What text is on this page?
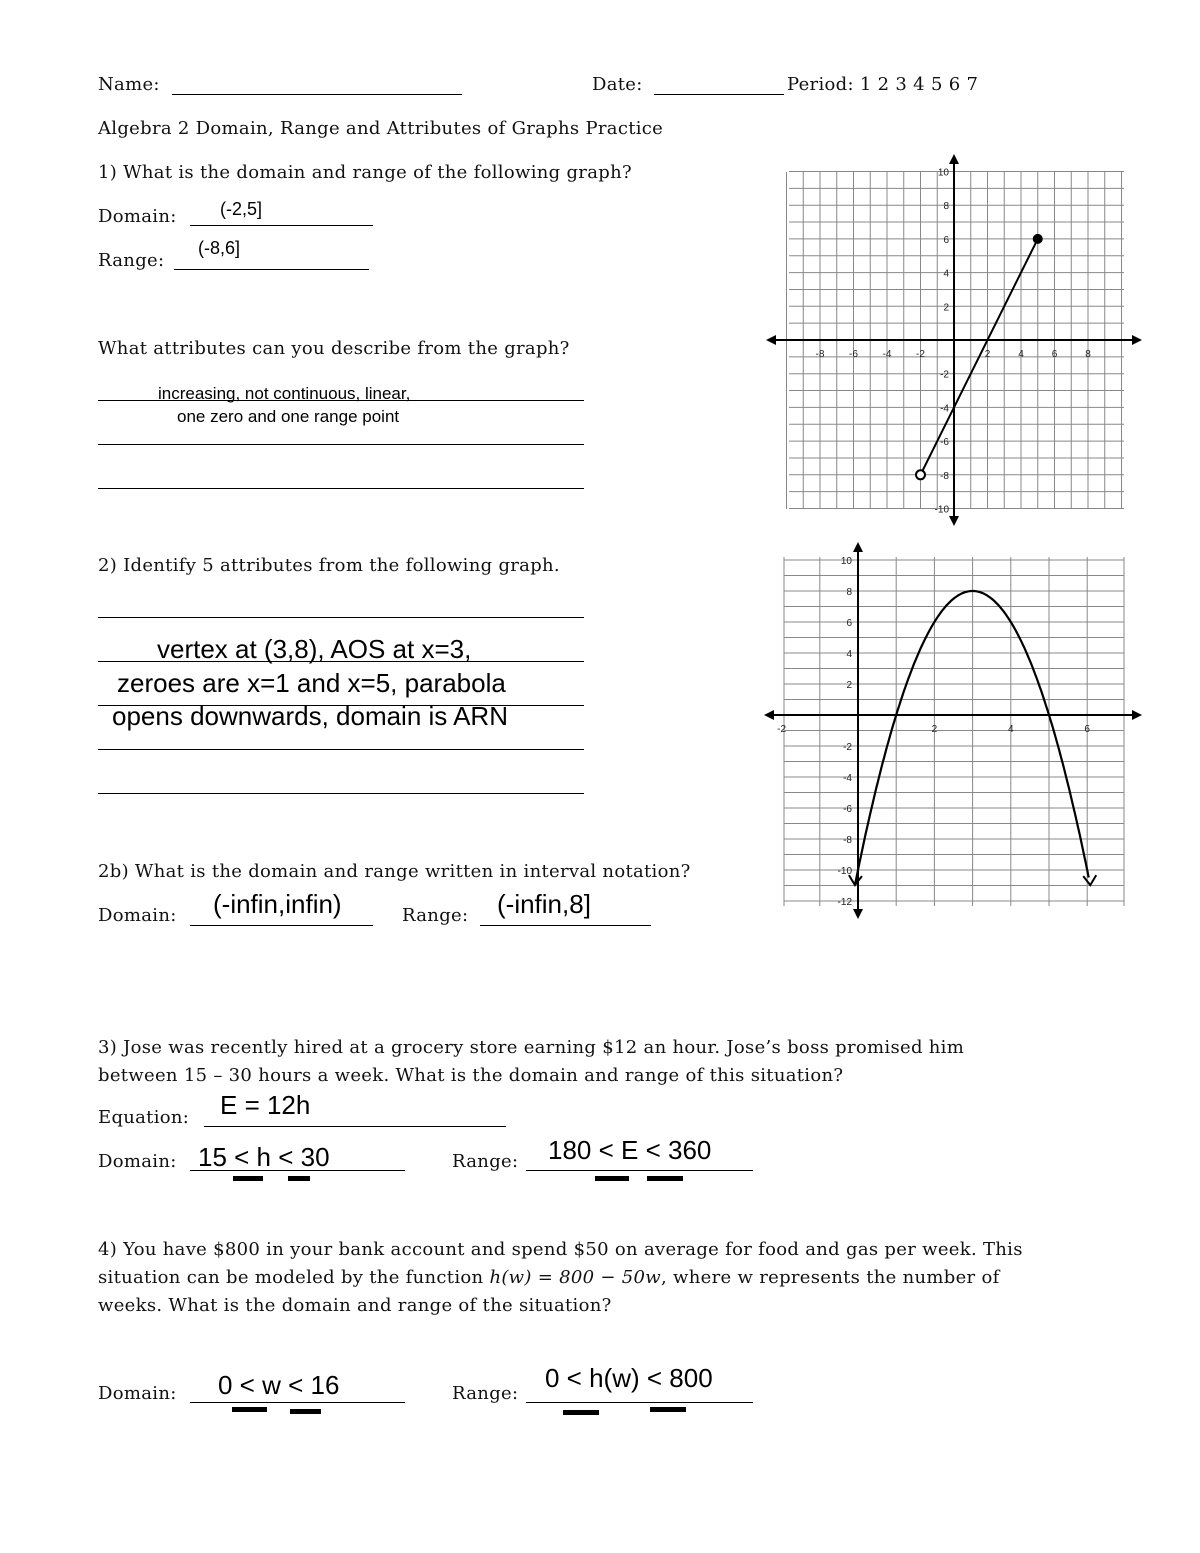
Name:	Date:	Period: 1 2 3 4 5 6 7
Algebra 2 Domain, Range and Attributes of Graphs Practice
1) What is the domain and range of the following graph?
Domain: (-2,5]
Range:
(-8,6]
What attributes can you describe from the graph?
increasing, not continuous, linear,
one zero and one range point
-8 -6 -4 -2	2	4	6	8
10
8
6
4
2
-2
-4
-6
-8
-10
2) Identify 5 attributes from the following graph.
vertex at (3,8), AOS at x=3,
zeroes are x=1 and x=5, parabola
opens downwards, domain is ARN	-2	2	4	6
10
8
6
4
2
-2
-4
-6
-8
-10
-12
2b) What is the domain and range written in interval notation?
Domain: (-infin,infin)	Range: (-infin,8]
3) Jose was recently hired at a grocery store earning $12 an hour. Jose’s boss promised him
between 15 – 30 hours a week. What is the domain and range of this situation?
Equation: E = 12h
Domain: 15 < h < 30	Range: 180 < E < 360
4) You have $800 in your bank account and spend $50 on average for food and gas per week. This
situation can be modeled by the function h(w) = 800 − 50w, where w represents the number of
weeks. What is the domain and range of the situation?
Domain: 0 < w < 16	Range:
0 < h(w) < 800
